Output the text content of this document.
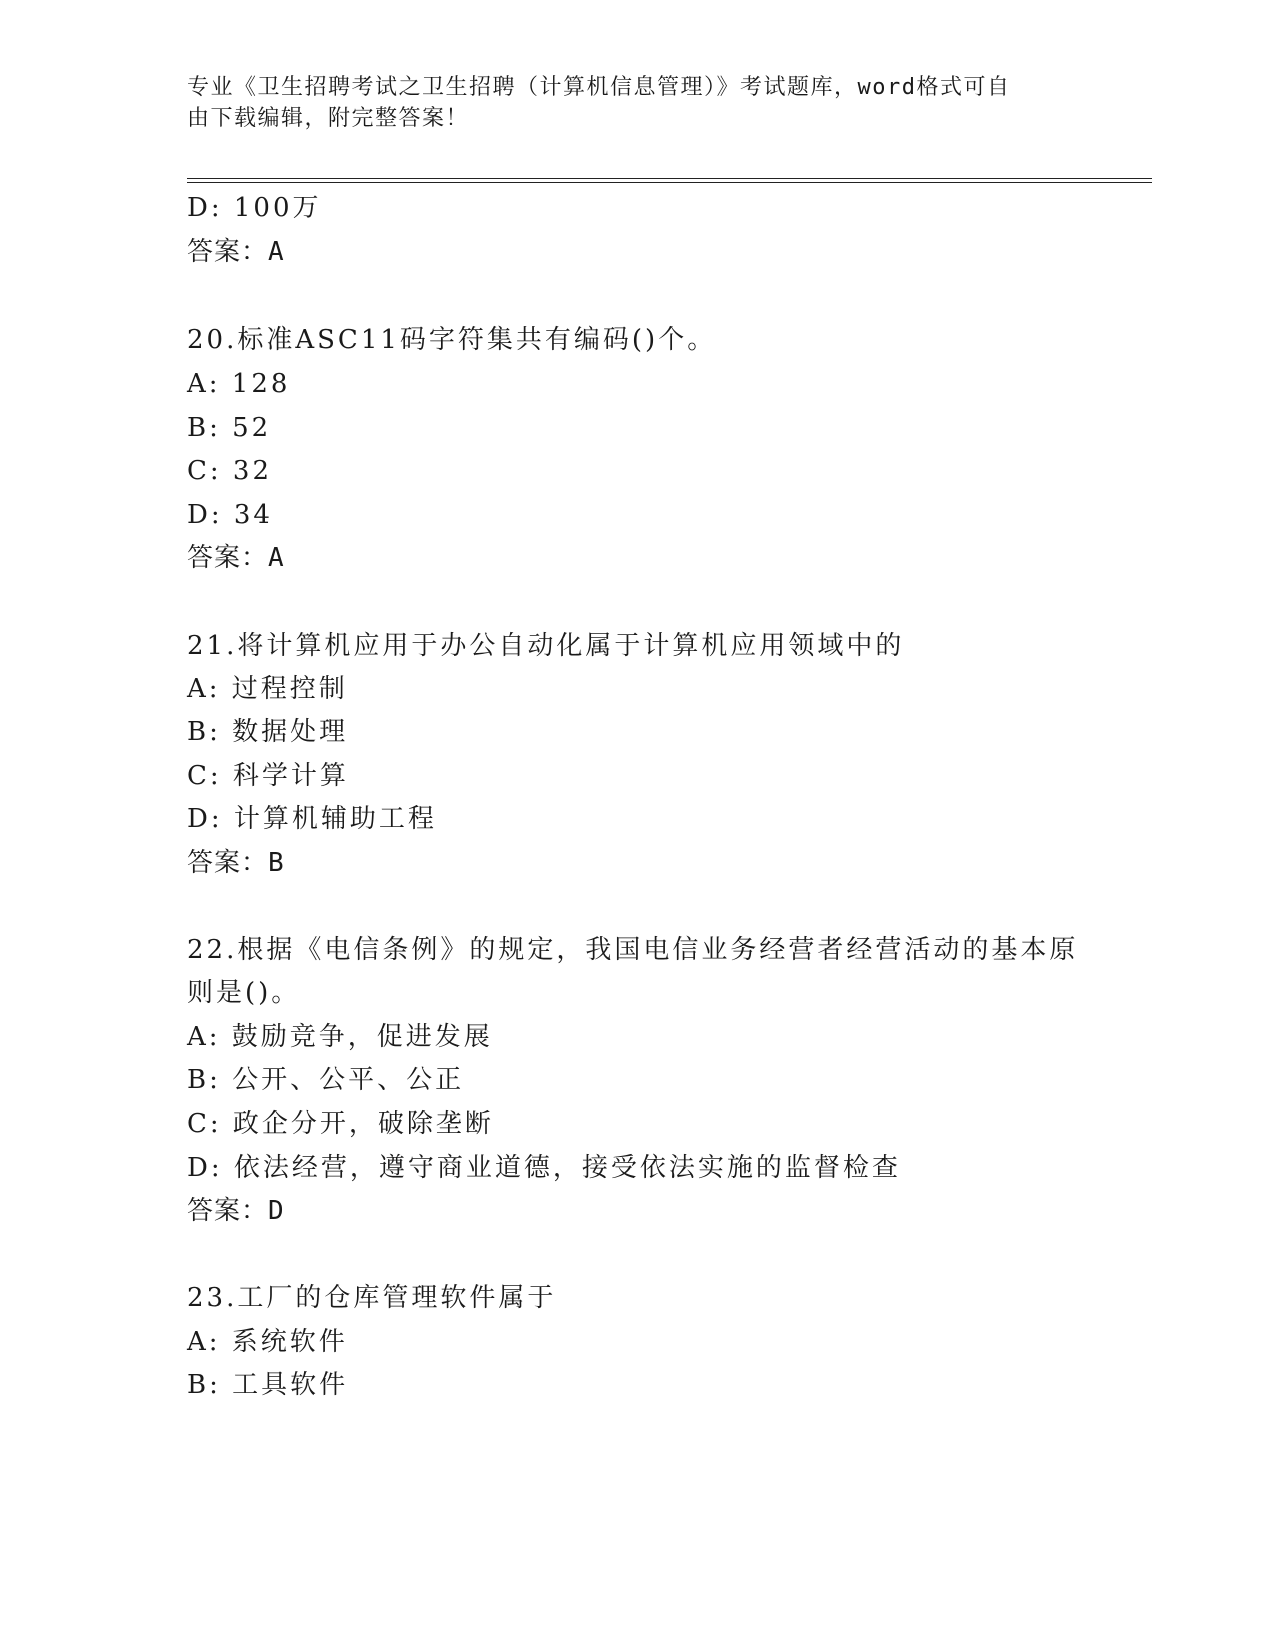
专业《卫生招聘考试之卫生招聘（计算机信息管理）》考试题库，word格式可自
由下载编辑，附完整答案！
D: 100万
答案：A
20.标准ASC11码字符集共有编码()个。
A: 128
B: 52
C: 32
D: 34
答案：A
21.将计算机应用于办公自动化属于计算机应用领域中的
A: 过程控制
B: 数据处理
C: 科学计算
D: 计算机辅助工程
答案：B
22.根据《电信条例》的规定，我国电信业务经营者经营活动的基本原
则是()。
A: 鼓励竞争，促进发展
B: 公开、公平、公正
C: 政企分开，破除垄断
D: 依法经营，遵守商业道德，接受依法实施的监督检查
答案：D
23.工厂的仓库管理软件属于
A: 系统软件
B: 工具软件
